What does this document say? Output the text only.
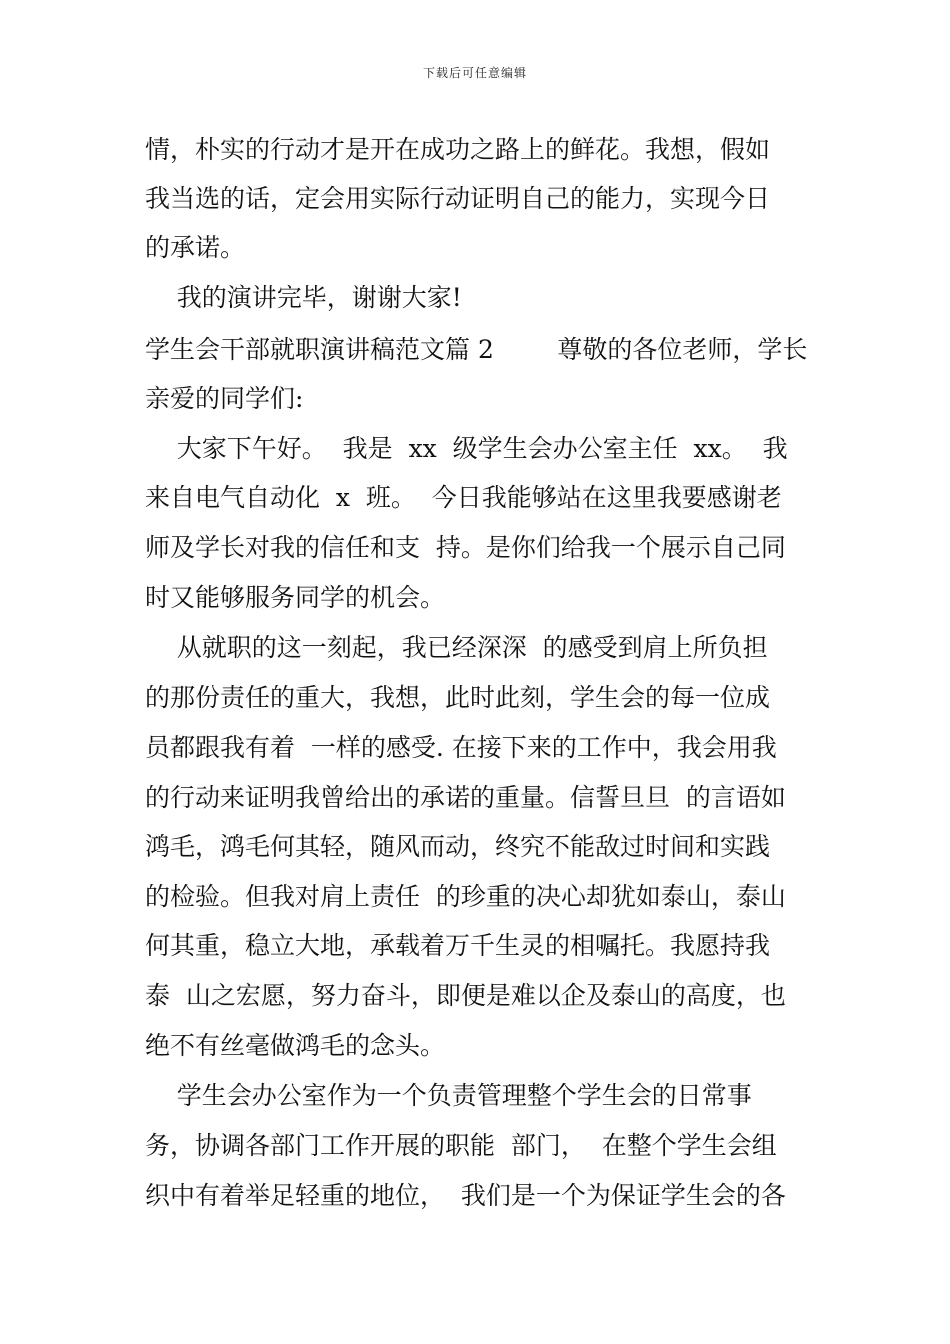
下载后可任意编辑
情，朴实的行动才是开在成功之路上的鲜花。我想，假如
我当选的话，定会用实际行动证明自己的能力，实现今日
的承诺。
我的演讲完毕，谢谢大家!
学生会干部就职演讲稿范文篇 2        尊敬的各位老师，学长
亲爱的同学们:
大家下午好。  我是  xx  级学生会办公室主任  xx。  我
来自电气自动化  x  班。  今日我能够站在这里我要感谢老
师及学长对我的信任和支  持。是你们给我一个展示自己同
时又能够服务同学的机会。
从就职的这一刻起，我已经深深  的感受到肩上所负担
的那份责任的重大，我想，此时此刻，学生会的每一位成
员都跟我有着  一样的感受. 在接下来的工作中，我会用我
的行动来证明我曾给出的承诺的重量。信誓旦旦  的言语如
鸿毛，鸿毛何其轻，随风而动，终究不能敌过时间和实践
的检验。但我对肩上责任  的珍重的决心却犹如泰山，泰山
何其重，稳立大地，承载着万千生灵的相嘱托。我愿持我
泰  山之宏愿，努力奋斗，即便是难以企及泰山的高度，也
绝不有丝毫做鸿毛的念头。
学生会办公室作为一个负责管理整个学生会的日常事
务，协调各部门工作开展的职能  部门，  在整个学生会组
织中有着举足轻重的地位，  我们是一个为保证学生会的各
